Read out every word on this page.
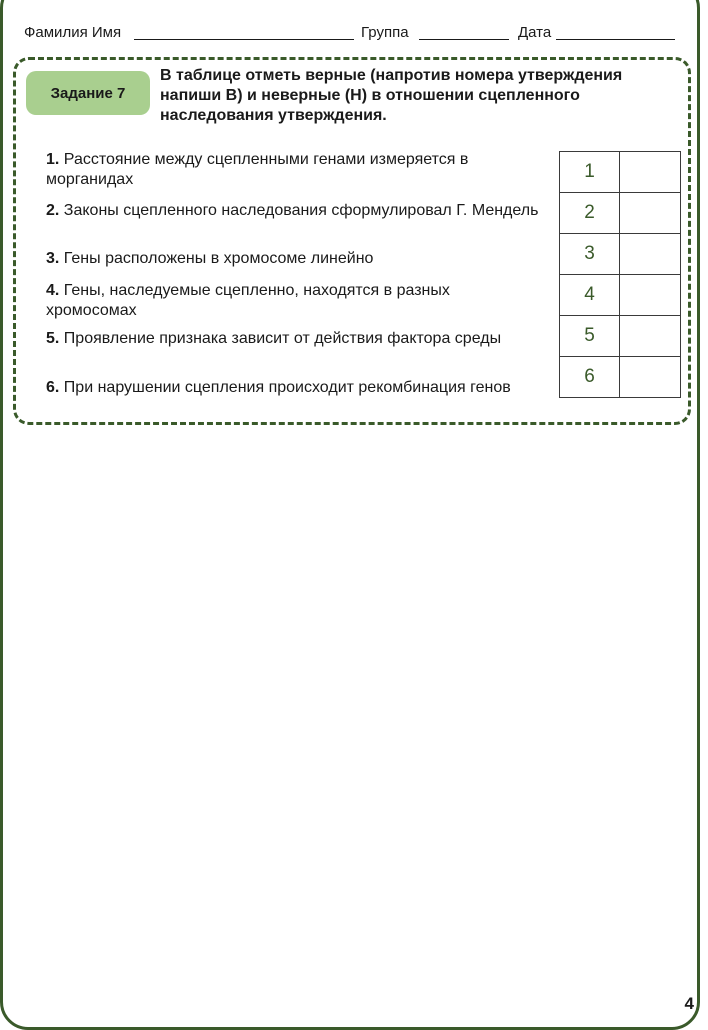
Фамилия Имя	Группа	Дата
Задание 7
В таблице отметь верные (напротив номера утверждения напиши В) и неверные (Н) в отношении сцепленного наследования утверждения.
1. Расстояние между сцепленными генами измеряется в морганидах
2. Законы сцепленного наследования сформулировал Г. Мендель
3. Гены расположены в хромосоме линейно
4. Гены, наследуемые сцепленно, находятся в разных хромосомах
5. Проявление признака зависит от действия фактора среды
6. При нарушении сцепления происходит рекомбинация генов
1	
2	
3	
4	
5	
6	
4
